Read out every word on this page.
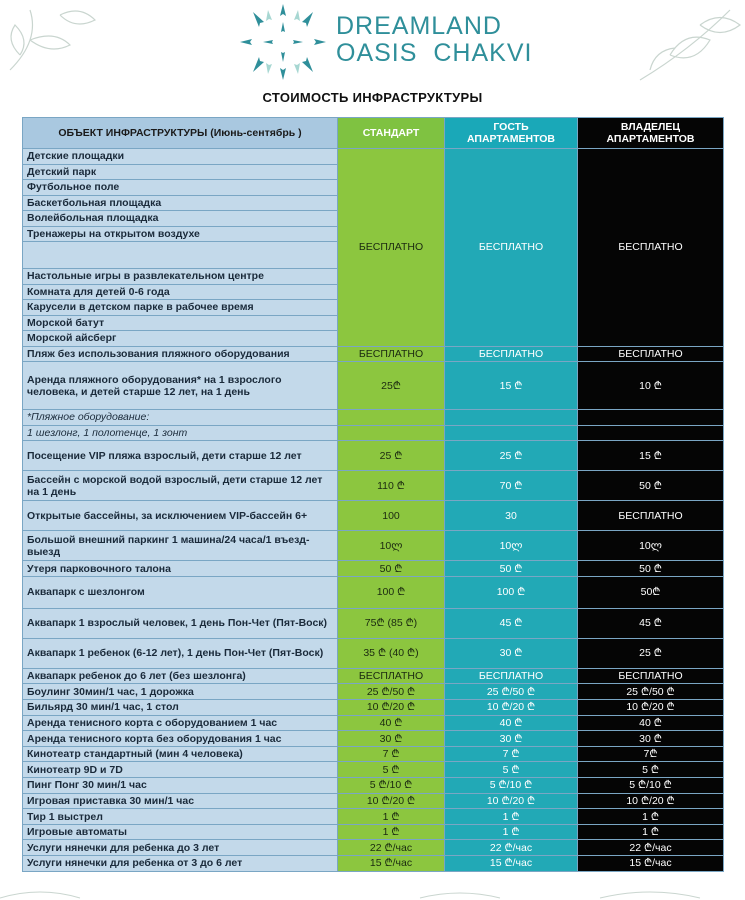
DREAMLAND
OASIS CHAKVI
СТОИМОСТЬ ИНФРАСТРУКТУРЫ
ОБЪЕКТ ИНФРАСТРУКТУРЫ (Июнь-сентябрь )	СТАНДАРТ	ГОСТЬ АПАРТАМЕНТОВ	ВЛАДЕЛЕЦ АПАРТАМЕНТОВ
Детские площадки	БЕСПЛАТНО	БЕСПЛАТНО	БЕСПЛАТНО
Детский парк			
Футбольное поле			
Баскетбольная площадка			
Волейбольная площадка			
Тренажеры на открытом воздухе			

Настольные игры в развлекательном центре			
Комната для детей 0-6 года			
Карусели в детском парке в рабочее время			
Морской батут			
Морской айсберг			
Пляж без использования пляжного оборудования	БЕСПЛАТНО	БЕСПЛАТНО	БЕСПЛАТНО
Аренда пляжного оборудования* на 1 взрослого человека, и детей старше 12 лет, на 1 день	25₾	15 ₾	10 ₾
*Пляжное оборудование:			
1 шезлонг, 1 полотенце, 1 зонт			
Посещение VIP пляжа взрослый, дети старше 12 лет	25 ₾	25 ₾	15 ₾
Бассейн с морской водой взрослый, дети старше 12 лет на 1 день	110 ₾	70 ₾	50 ₾
Открытые бассейны, за исключением VIP-бассейн 6+	100	30	БЕСПЛАТНО
Большой внешний паркинг 1 машина/24 часа/1 въезд-выезд	10ლ	10ლ	10ლ
Утеря парковочного талона	50 ₾	50 ₾	50 ₾
Аквапарк с шезлонгом	100 ₾	100 ₾	50₾
Аквапарк 1 взрослый человек, 1 день Пон-Чет (Пят-Воск)	75₾ (85 ₾)	45 ₾	45 ₾
Аквапарк 1 ребенок (6-12 лет), 1 день Пон-Чет (Пят-Воск)	35 ₾ (40 ₾)	30 ₾	25 ₾
Аквапарк ребенок до 6 лет (без шезлонга)	БЕСПЛАТНО	БЕСПЛАТНО	БЕСПЛАТНО
Боулинг 30мин/1 час, 1 дорожка	25 ₾/50 ₾	25 ₾/50 ₾	25 ₾/50 ₾
Бильярд 30 мин/1 час, 1 стол	10 ₾/20 ₾	10 ₾/20 ₾	10 ₾/20 ₾
Аренда тенисного корта с оборудованием 1 час	40 ₾	40 ₾	40 ₾
Аренда тенисного корта без оборудования 1 час	30 ₾	30 ₾	30 ₾
Кинотеатр стандартный (мин 4 человека)	7 ₾	7 ₾	7₾
Кинотеатр 9D и 7D	5 ₾	5 ₾	5 ₾
Пинг Понг 30 мин/1 час	5 ₾/10 ₾	5 ₾/10 ₾	5 ₾/10 ₾
Игровая приставка 30 мин/1 час	10 ₾/20 ₾	10 ₾/20 ₾	10 ₾/20 ₾
Тир 1 выстрел	1 ₾	1 ₾	1 ₾
Игровые автоматы	1 ₾	1 ₾	1 ₾
Услуги нянечки для ребенка до 3 лет	22 ₾/час	22 ₾/час	22 ₾/час
Услуги нянечки для ребенка от 3 до 6 лет	15 ₾/час	15 ₾/час	15 ₾/час
